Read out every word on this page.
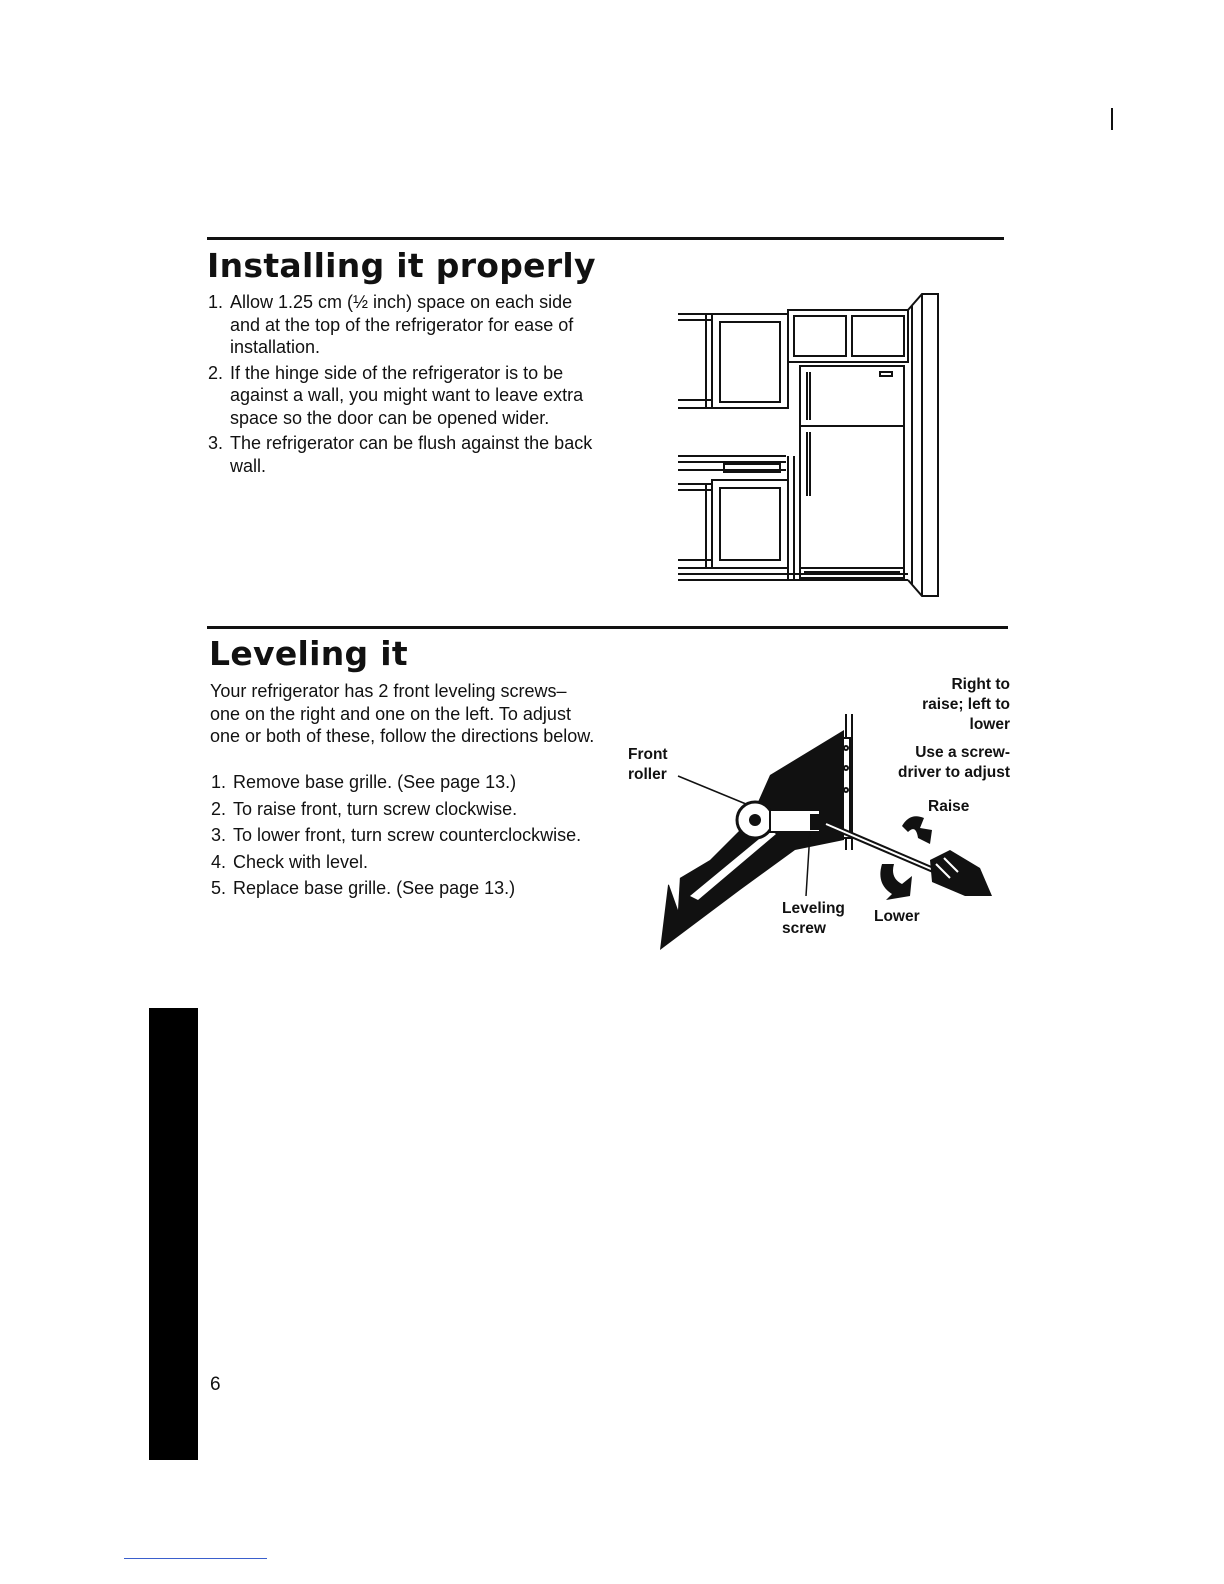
Installing it properly
1. Allow 1.25 cm (½ inch) space on each side and at the top of the refrigerator for ease of installation.
2. If the hinge side of the refrigerator is to be against a wall, you might want to leave extra space so the door can be opened wider.
3. The refrigerator can be flush against the back wall.
Leveling it

Your refrigerator has 2 front leveling screws–one on the right and one on the left. To adjust one or both of these, follow the directions below.

1. Remove base grille. (See page 13.)
2. To raise front, turn screw clockwise.
3. To lower front, turn screw counterclockwise.
4. Check with level.
5. Replace base grille. (See page 13.)

Front
roller

Right to
raise; left to
lower

Use a screw-
driver to adjust

Raise

Lower

Leveling
screw

6
